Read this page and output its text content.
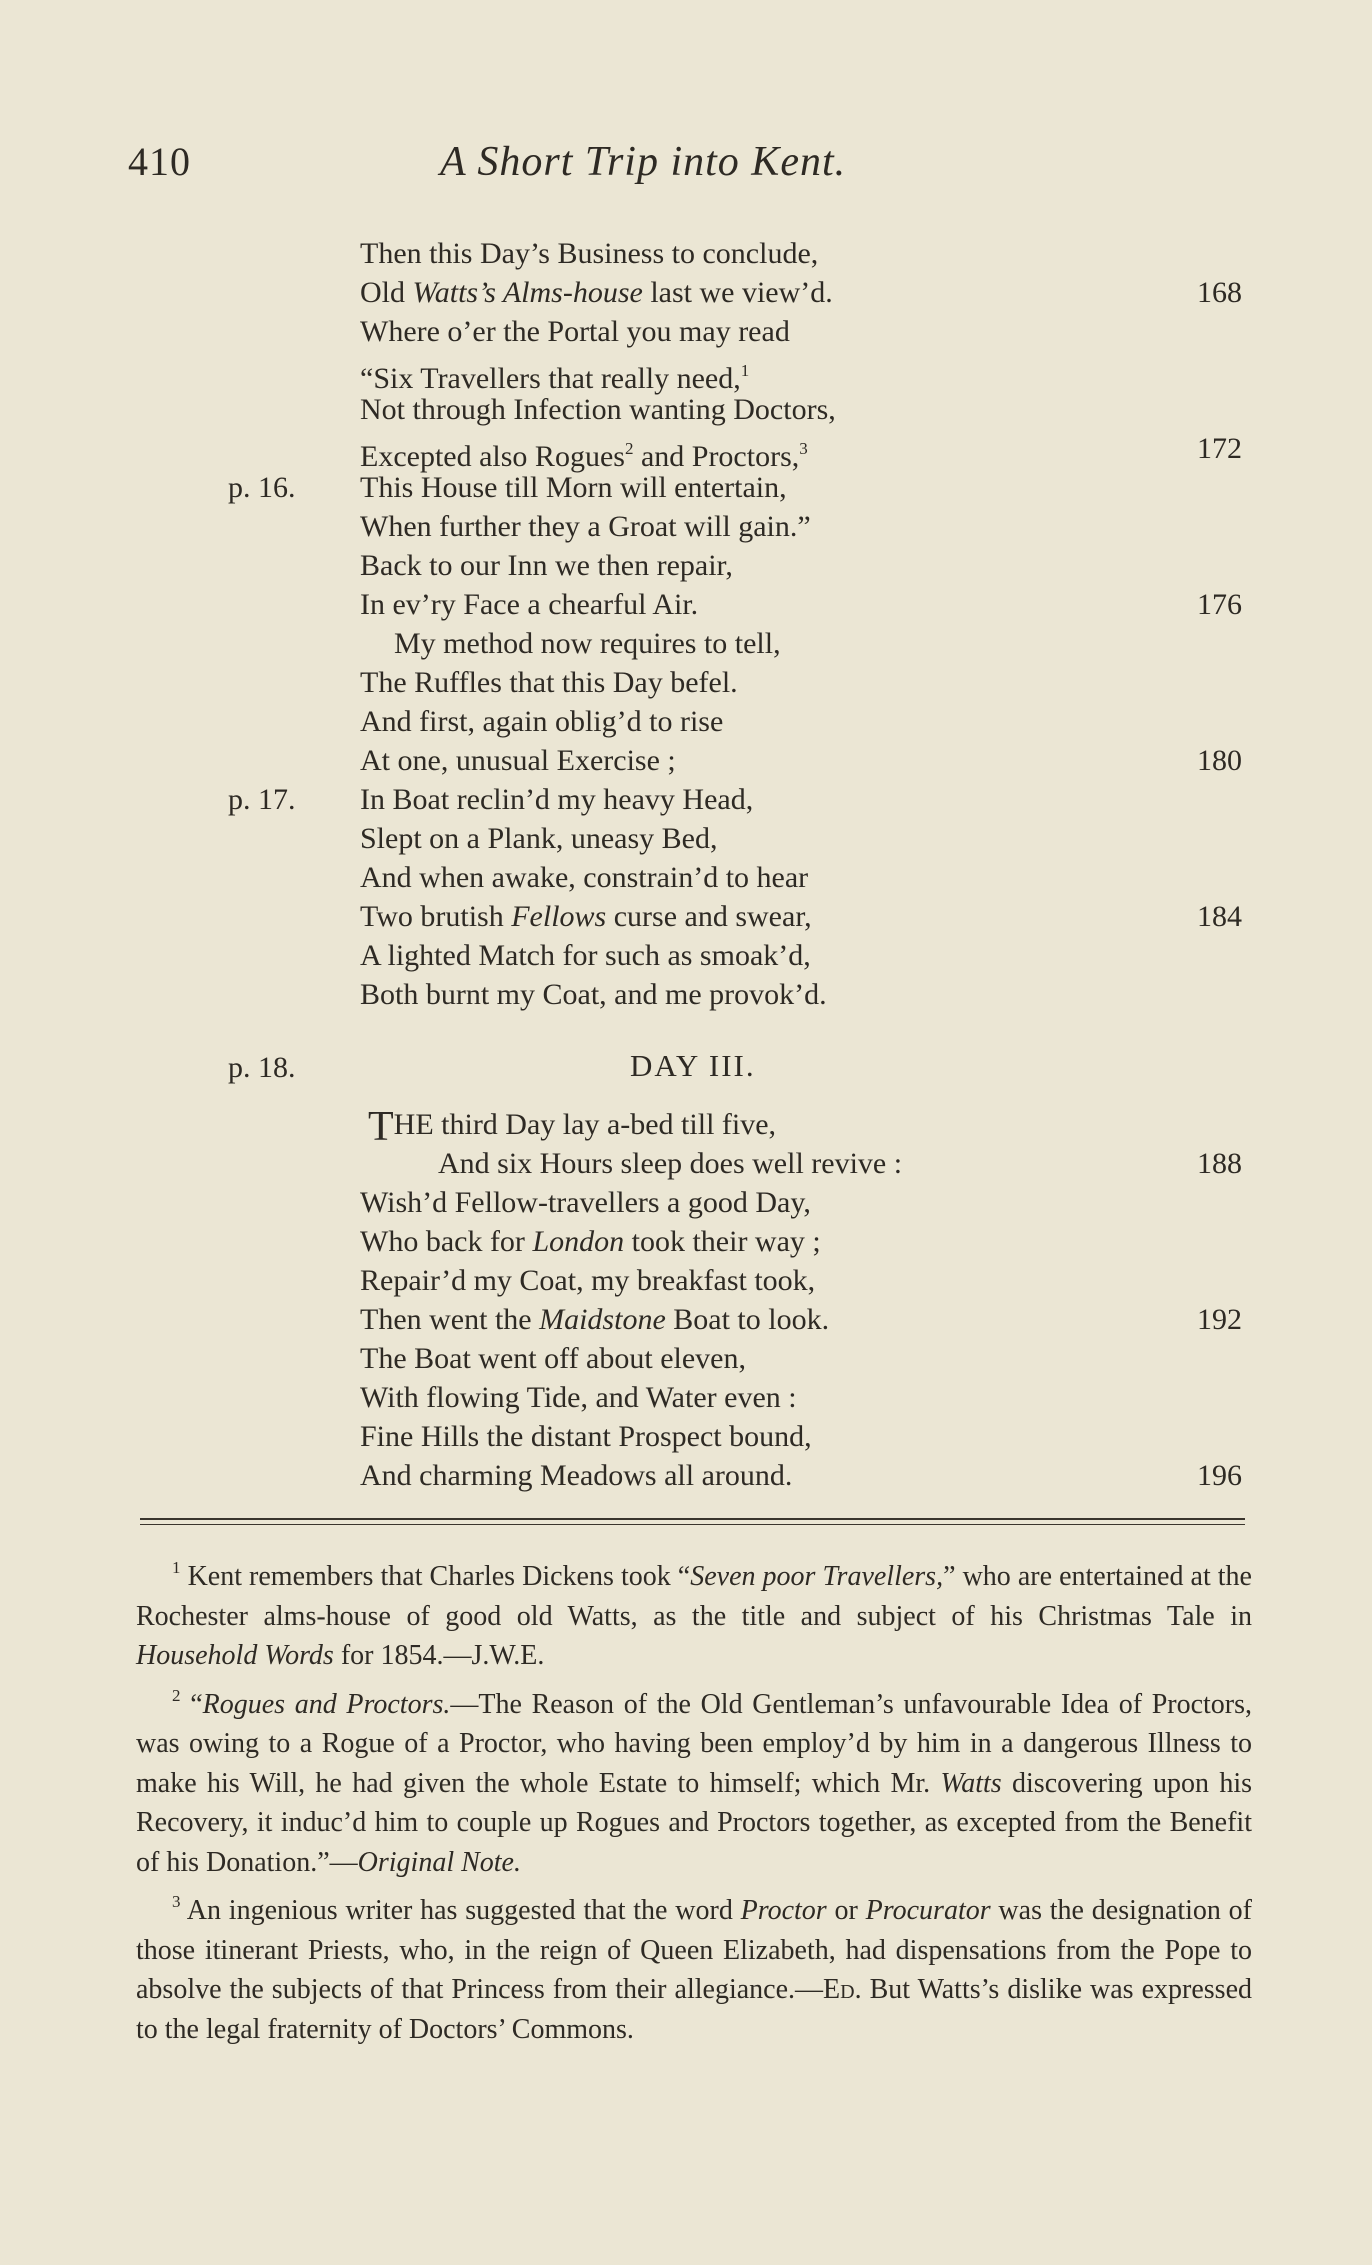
410	A Short Trip into Kent.
Then this Day’s Business to conclude,
Old Watts’s Alms-house last we view’d.	168
Where o’er the Portal you may read
“Six Travellers that really need,$^1$
Not through Infection wanting Doctors,
Excepted also Rogues$^2$ and Proctors,$^3$	172
p. 16. This House till Morn will entertain,
When further they a Groat will gain.”
Back to our Inn we then repair,
In ev’ry Face a chearful Air.	176
My method now requires to tell,
The Ruffles that this Day befel.
And first, again oblig’d to rise
At one, unusual Exercise ;	180
p. 17. In Boat reclin’d my heavy Head,
Slept on a Plank, uneasy Bed,
And when awake, constrain’d to hear
Two brutish Fellows curse and swear,	184
A lighted Match for such as smoak’d,
Both burnt my Coat, and me provok’d.
p. 18.	DAY III.
THE third Day lay a-bed till five,
And six Hours sleep does well revive :	188
Wish’d Fellow-travellers a good Day,
Who back for London took their way ;
Repair’d my Coat, my breakfast took,
Then went the Maidstone Boat to look.	192
The Boat went off about eleven,
With flowing Tide, and Water even :
Fine Hills the distant Prospect bound,
And charming Meadows all around.	196

$^1$ Kent remembers that Charles Dickens took “Seven poor Travellers,” who are entertained at the Rochester alms-house of good old Watts, as the title and subject of his Christmas Tale in Household Words for 1854.—J.W.E.

$^2$ “Rogues and Proctors.—The Reason of the Old Gentleman’s unfavourable Idea of Proctors, was owing to a Rogue of a Proctor, who having been employ’d by him in a dangerous Illness to make his Will, he had given the whole Estate to himself; which Mr. Watts discovering upon his Recovery, it induc’d him to couple up Rogues and Proctors together, as excepted from the Benefit of his Donation.”—Original Note.

$^3$ An ingenious writer has suggested that the word Proctor or Procurator was the designation of those itinerant Priests, who, in the reign of Queen Elizabeth, had dispensations from the Pope to absolve the subjects of that Princess from their allegiance.—Ed. But Watts’s dislike was expressed to the legal fraternity of Doctors’ Commons.
